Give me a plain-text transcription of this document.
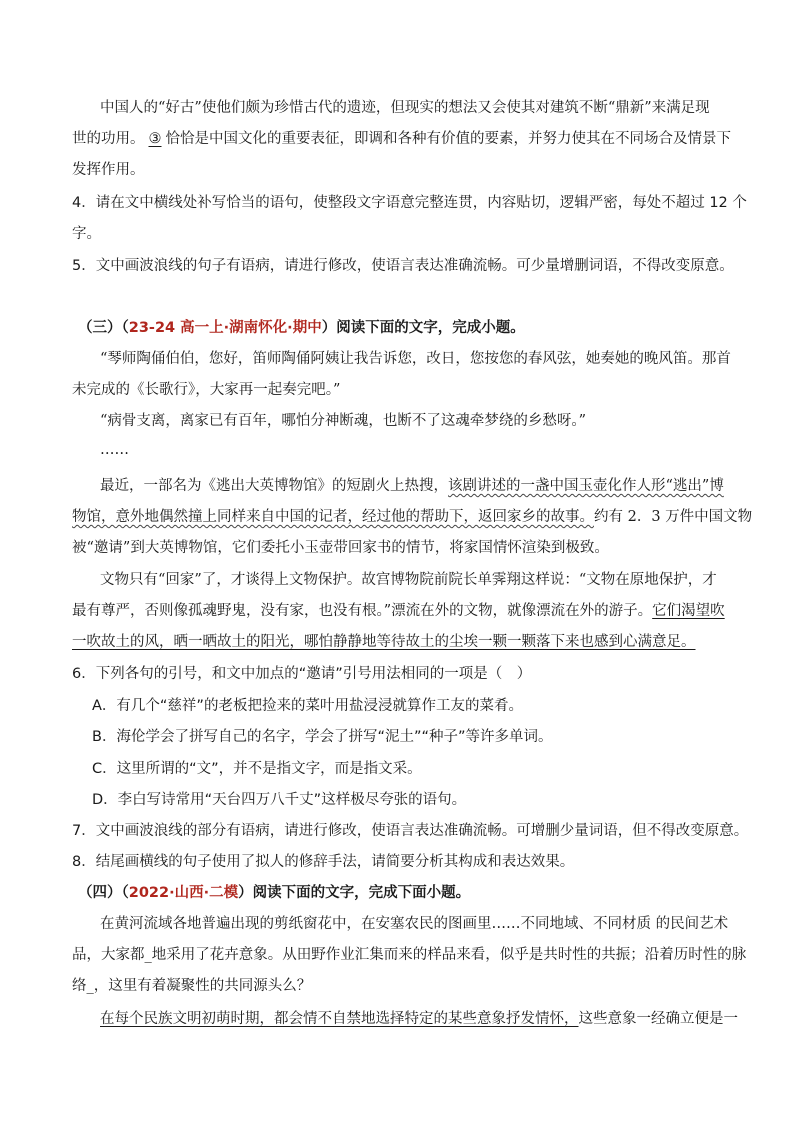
中国人的“好古”使他们颇为珍惜古代的遗迹，但现实的想法又会使其对建筑不断“鼎新”来满足现
世的功用。 ③ 恰恰是中国文化的重要表征，即调和各种有价值的要素，并努力使其在不同场合及情景下
发挥作用。
4．请在文中横线处补写恰当的语句，使整段文字语意完整连贯，内容贴切，逻辑严密，每处不超过 12 个
字。
5．文中画波浪线的句子有语病，请进行修改，使语言表达准确流畅。可少量增删词语，不得改变原意。
（三）（23-24 高一上·湖南怀化·期中）阅读下面的文字，完成小题。
“琴师陶俑伯伯，您好，笛师陶俑阿姨让我告诉您，改日，您按您的春风弦，她奏她的晚风笛。那首
未完成的《长歌行》，大家再一起奏完吧。”
“病骨支离，离家已有百年，哪怕分神断魂，也断不了这魂牵梦绕的乡愁呀。”
……
最近，一部名为《逃出大英博物馆》的短剧火上热搜，该剧讲述的一盏中国玉壶化作人形“逃出”博
物馆，意外地偶然撞上同样来自中国的记者，经过他的帮助下，返回家乡的故事。约有 2．3 万件中国文物
被“邀请”到大英博物馆，它们委托小玉壶带回家书的情节，将家国情怀渲染到极致。
文物只有“回家”了，才谈得上文物保护。故宫博物院前院长单霁翔这样说：“文物在原地保护，才
最有尊严，否则像孤魂野鬼，没有家，也没有根。”漂流在外的文物，就像漂流在外的游子。它们渴望吹
一吹故土的风，晒一晒故土的阳光，哪怕静静地等待故土的尘埃一颗一颗落下来也感到心满意足。
6．下列各句的引号，和文中加点的“邀请”引号用法相同的一项是（　）
A．有几个“慈祥”的老板把捡来的菜叶用盐浸浸就算作工友的菜肴。
B．海伦学会了拼写自己的名字，学会了拼写“泥土”“种子”等许多单词。
C．这里所谓的“文”，并不是指文字，而是指文采。
D．李白写诗常用“天台四万八千丈”这样极尽夸张的语句。
7．文中画波浪线的部分有语病，请进行修改，使语言表达准确流畅。可增删少量词语，但不得改变原意。
8．结尾画横线的句子使用了拟人的修辞手法，请简要分析其构成和表达效果。
（四）（2022·山西·二模）阅读下面的文字，完成下面小题。
在黄河流域各地普遍出现的剪纸窗花中，在安塞农民的图画里……不同地域、不同材质 的民间艺术
品，大家都_地采用了花卉意象。从田野作业汇集而来的样品来看，似乎是共时性的共振；沿着历时性的脉
络_，这里有着凝聚性的共同源头么？
在每个民族文明初萌时期，都会情不自禁地选择特定的某些意象抒发情怀，这些意象一经确立便是一
